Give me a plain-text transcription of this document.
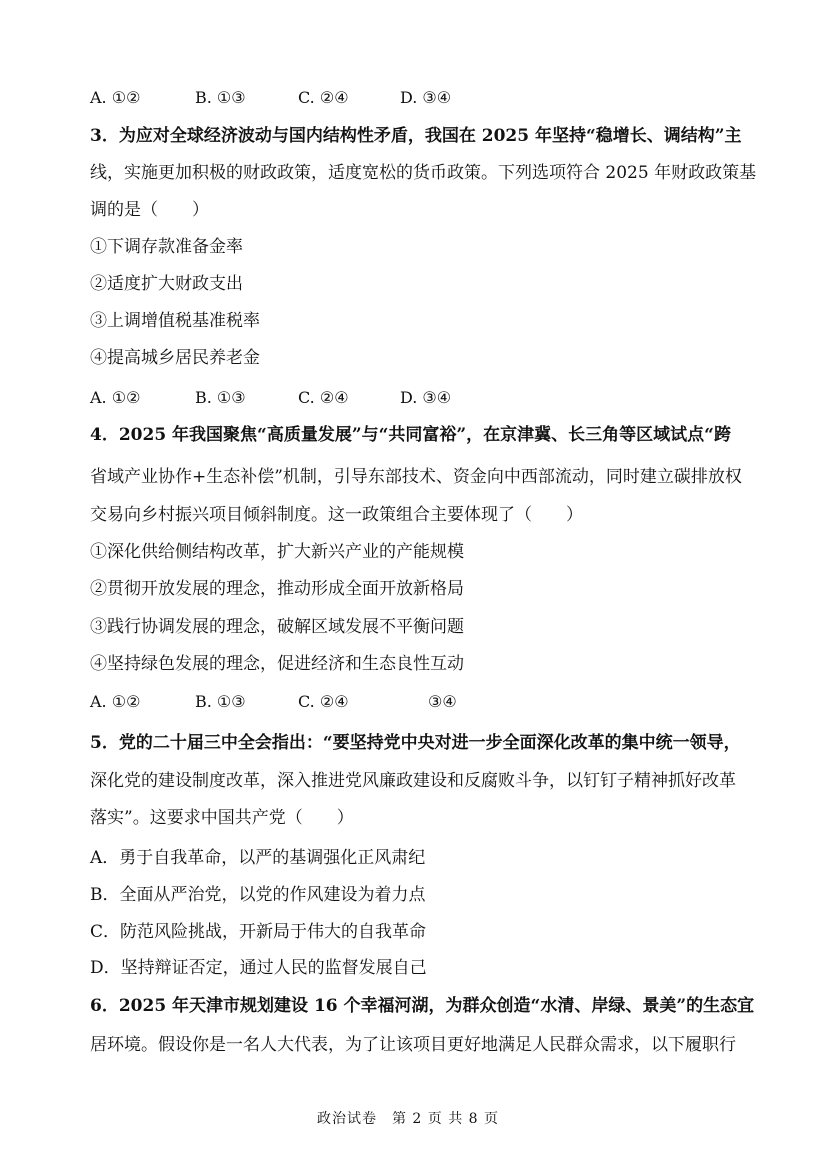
A. ①②	B. ①③	C. ②④	D. ③④
3．为应对全球经济波动与国内结构性矛盾，我国在 2025 年坚持“稳增长、调结构”主
线，实施更加积极的财政政策，适度宽松的货币政策。下列选项符合 2025 年财政政策基
调的是（　　）
①下调存款准备金率
②适度扩大财政支出
③上调增值税基准税率
④提高城乡居民养老金
A. ①②	B. ①③	C. ②④	D. ③④
4．2025 年我国聚焦“高质量发展”与“共同富裕”，在京津冀、长三角等区域试点“跨
省域产业协作+生态补偿”机制，引导东部技术、资金向中西部流动，同时建立碳排放权
交易向乡村振兴项目倾斜制度。这一政策组合主要体现了（　　）
①深化供给侧结构改革，扩大新兴产业的产能规模
②贯彻开放发展的理念，推动形成全面开放新格局
③践行协调发展的理念，破解区域发展不平衡问题
④坚持绿色发展的理念，促进经济和生态良性互动
A. ①②	B. ①③	C. ②④	③④
5．党的二十届三中全会指出：“要坚持党中央对进一步全面深化改革的集中统一领导，
深化党的建设制度改革，深入推进党风廉政建设和反腐败斗争，以钉钉子精神抓好改革
落实”。这要求中国共产党（　　）
A．勇于自我革命，以严的基调强化正风肃纪
B．全面从严治党，以党的作风建设为着力点
C．防范风险挑战，开新局于伟大的自我革命
D．坚持辩证否定，通过人民的监督发展自己
6．2025 年天津市规划建设 16 个幸福河湖，为群众创造“水清、岸绿、景美”的生态宜
居环境。假设你是一名人大代表，为了让该项目更好地满足人民群众需求，以下履职行
政治试卷　第 2 页 共 8 页
